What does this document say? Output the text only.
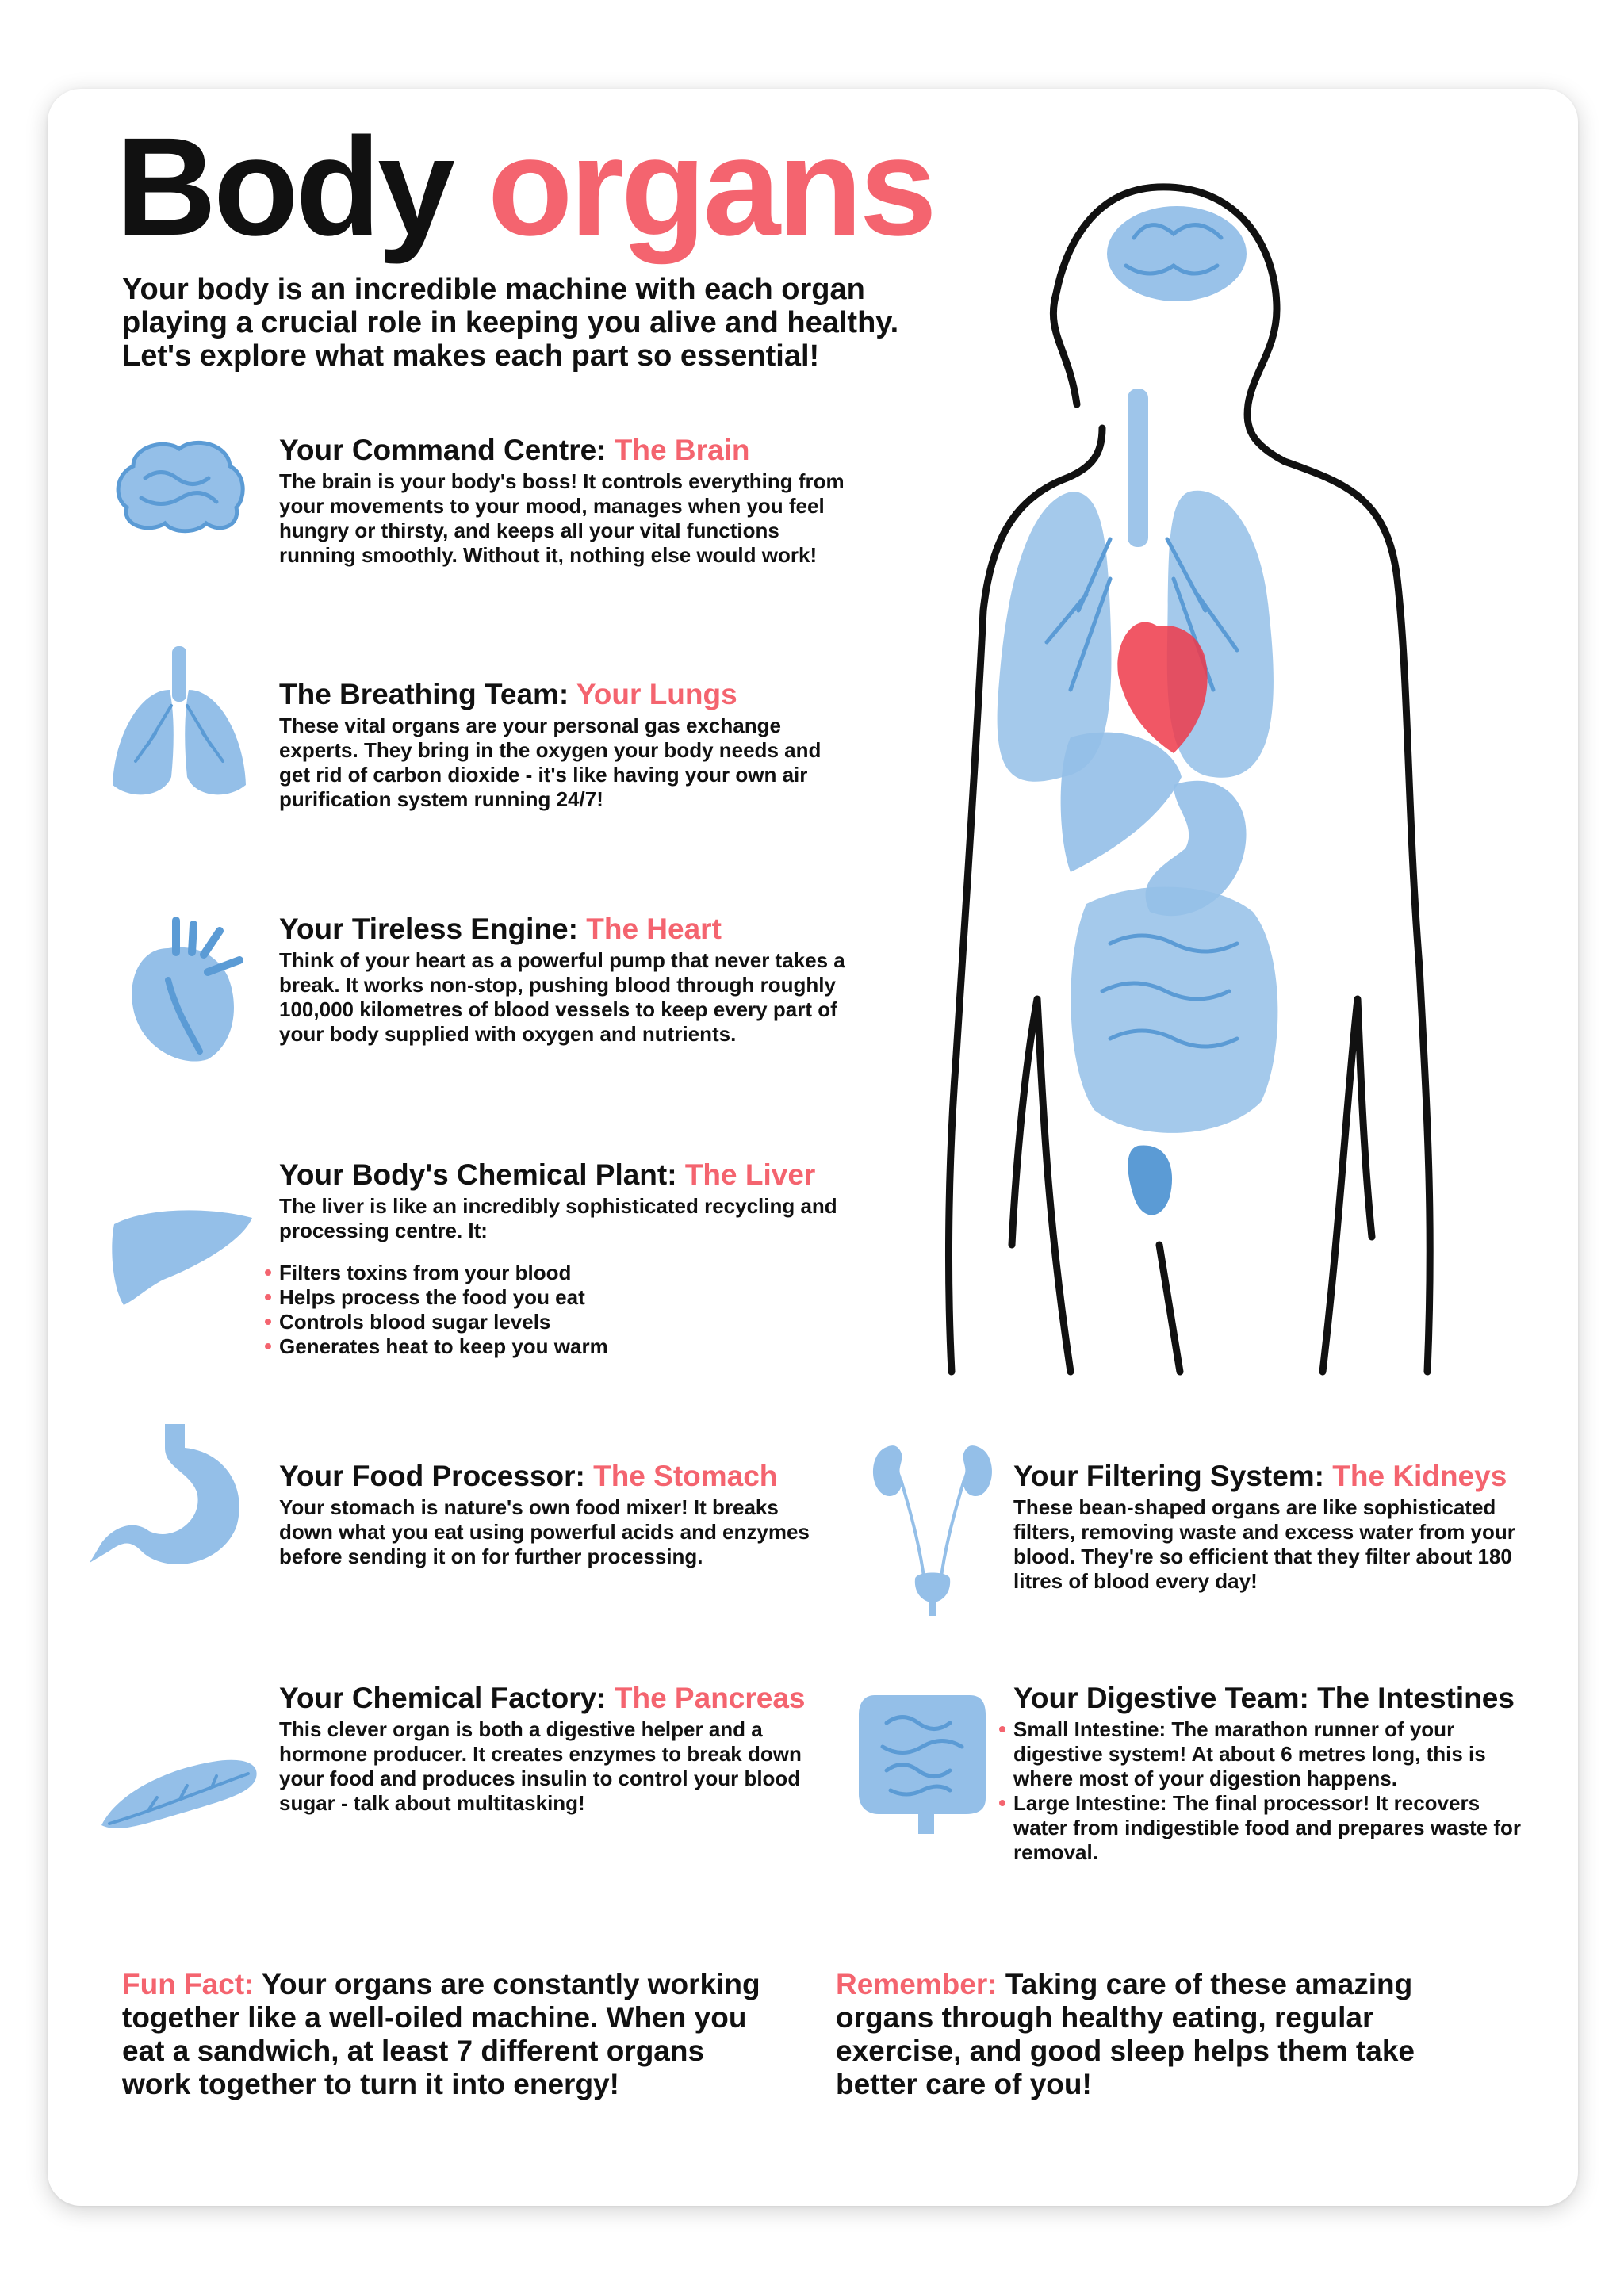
Body organs

Your body is an incredible machine with each organ playing a crucial role in keeping you alive and healthy. Let's explore what makes each part so essential!

Your Command Centre: The Brain

The brain is your body's boss! It controls everything from your movements to your mood, manages when you feel hungry or thirsty, and keeps all your vital functions running smoothly. Without it, nothing else would work!

The Breathing Team: Your Lungs

These vital organs are your personal gas exchange experts. They bring in the oxygen your body needs and get rid of carbon dioxide - it's like having your own air purification system running 24/7!

Your Tireless Engine: The Heart

Think of your heart as a powerful pump that never takes a break. It works non-stop, pushing blood through roughly 100,000 kilometres of blood vessels to keep every part of your body supplied with oxygen and nutrients.

Your Body's Chemical Plant: The Liver

The liver is like an incredibly sophisticated recycling and processing centre. It:

Filters toxins from your blood
Helps process the food you eat
Controls blood sugar levels
Generates heat to keep you warm
Your Food Processor: The Stomach

Your stomach is nature's own food mixer! It breaks down what you eat using powerful acids and enzymes before sending it on for further processing.

Your Filtering System: The Kidneys

These bean-shaped organs are like sophisticated filters, removing waste and excess water from your blood. They're so efficient that they filter about 180 litres of blood every day!

Your Chemical Factory: The Pancreas

This clever organ is both a digestive helper and a hormone producer. It creates enzymes to break down your food and produces insulin to control your blood sugar - talk about multitasking!

Your Digestive Team: The Intestines
Small Intestine: The marathon runner of your digestive system! At about 6 metres long, this is where most of your digestion happens.
Large Intestine: The final processor! It recovers water from indigestible food and prepares waste for removal.

Fun Fact: Your organs are constantly working together like a well-oiled machine. When you eat a sandwich, at least 7 different organs work together to turn it into energy!

Remember: Taking care of these amazing organs through healthy eating, regular exercise, and good sleep helps them take better care of you!
